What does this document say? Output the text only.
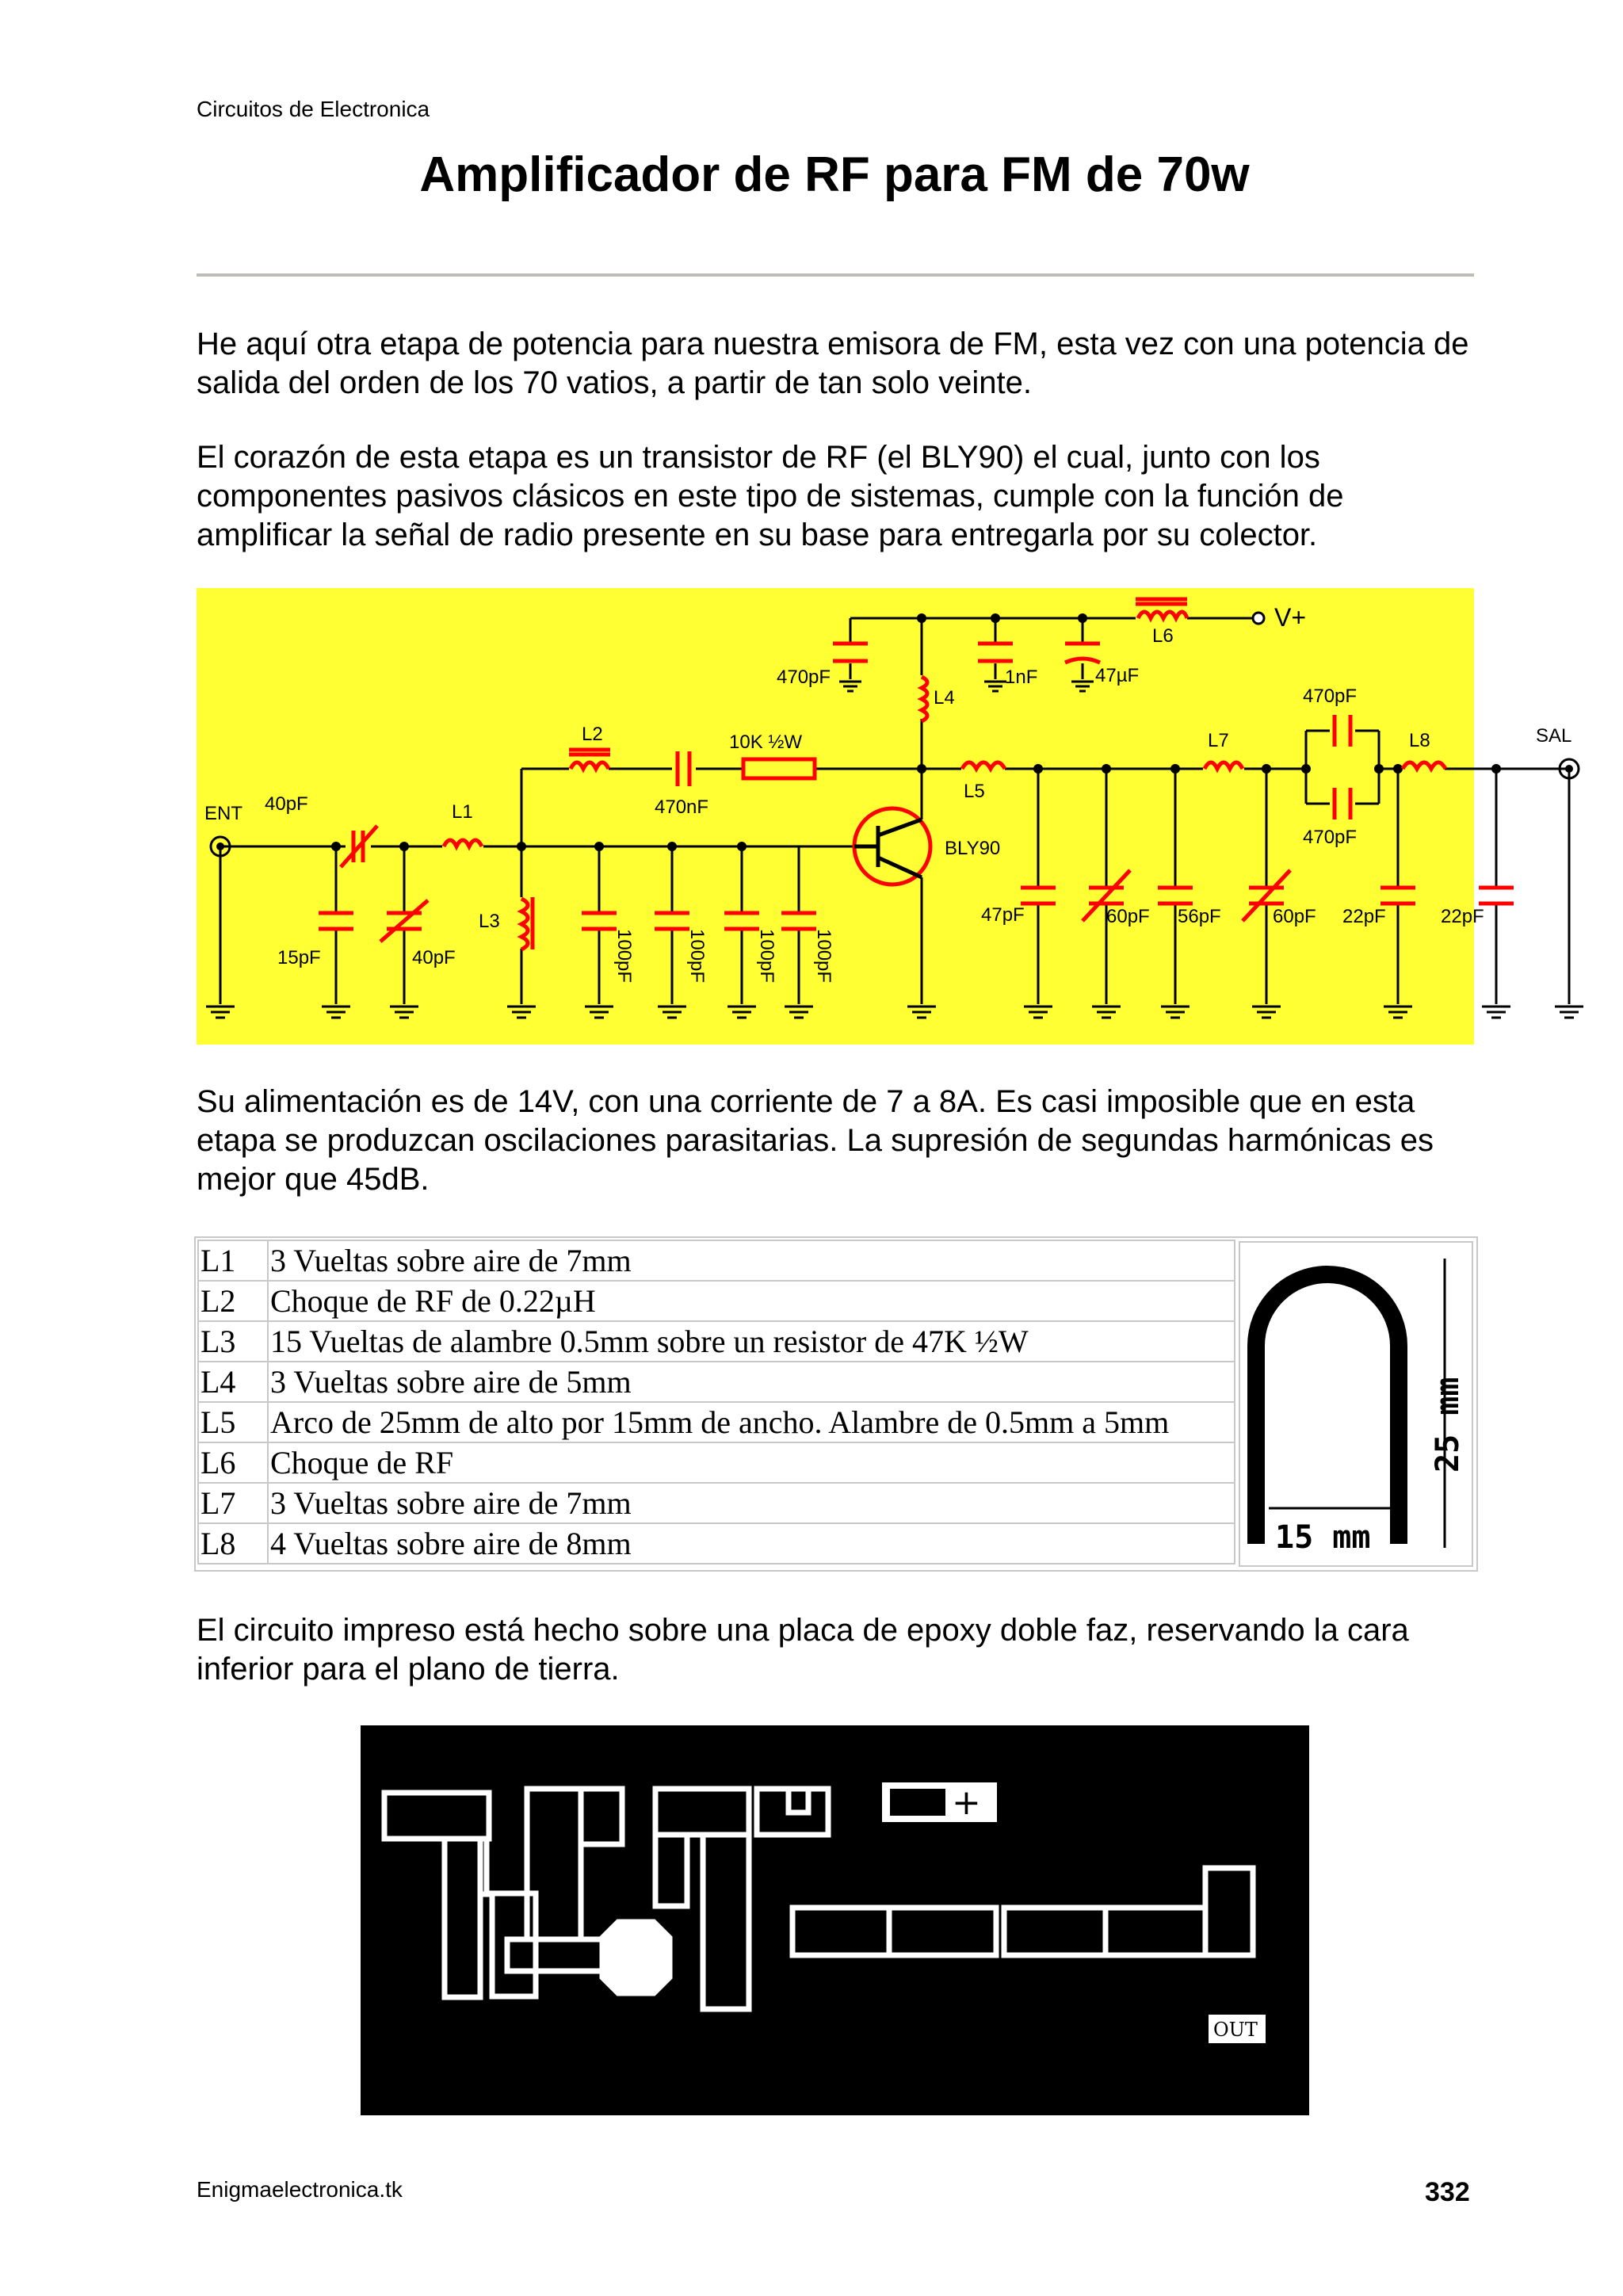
Circuitos de Electronica
Amplificador de RF para FM de 70w
He aquí otra etapa de potencia para nuestra emisora de FM, esta vez con una potencia de salida del orden de los 70 vatios, a partir de tan solo veinte.
El corazón de esta etapa es un transistor de RF (el BLY90) el cual, junto con los componentes pasivos clásicos en este tipo de sistemas, cumple con la función de amplificar la señal de radio presente en su base para entregarla por su colector.
ENT
SAL
V+
40pF
15pF	40pF
L1
L2
L3
L4
L5
L6
L7	L8
470nF
10K ½W
100pF	100pF	100pF 100pF
BLY90
470pF	1nF	47µF
47pF	60pF 56pF	60pF 22pF	22pF
470pF
470pF
Su alimentación es de 14V, con una corriente de 7 a 8A. Es casi imposible que en esta etapa se produzcan oscilaciones parasitarias. La supresión de segundas harmónicas es mejor que 45dB.
L1	3 Vueltas sobre aire de 7mm
L2	Choque de RF de 0.22µH
L3	15 Vueltas de alambre 0.5mm sobre un resistor de 47K ½W
L4	3 Vueltas sobre aire de 5mm
L5	Arco de 25mm de alto por 15mm de ancho. Alambre de 0.5mm a 5mm
L6	Choque de RF
L7	3 Vueltas sobre aire de 7mm
L8	4 Vueltas sobre aire de 8mm
25 mm
15 mm
El circuito impreso está hecho sobre una placa de epoxy doble faz, reservando la cara inferior para el plano de tierra.
+
OUT
Enigmaelectronica.tk	332
